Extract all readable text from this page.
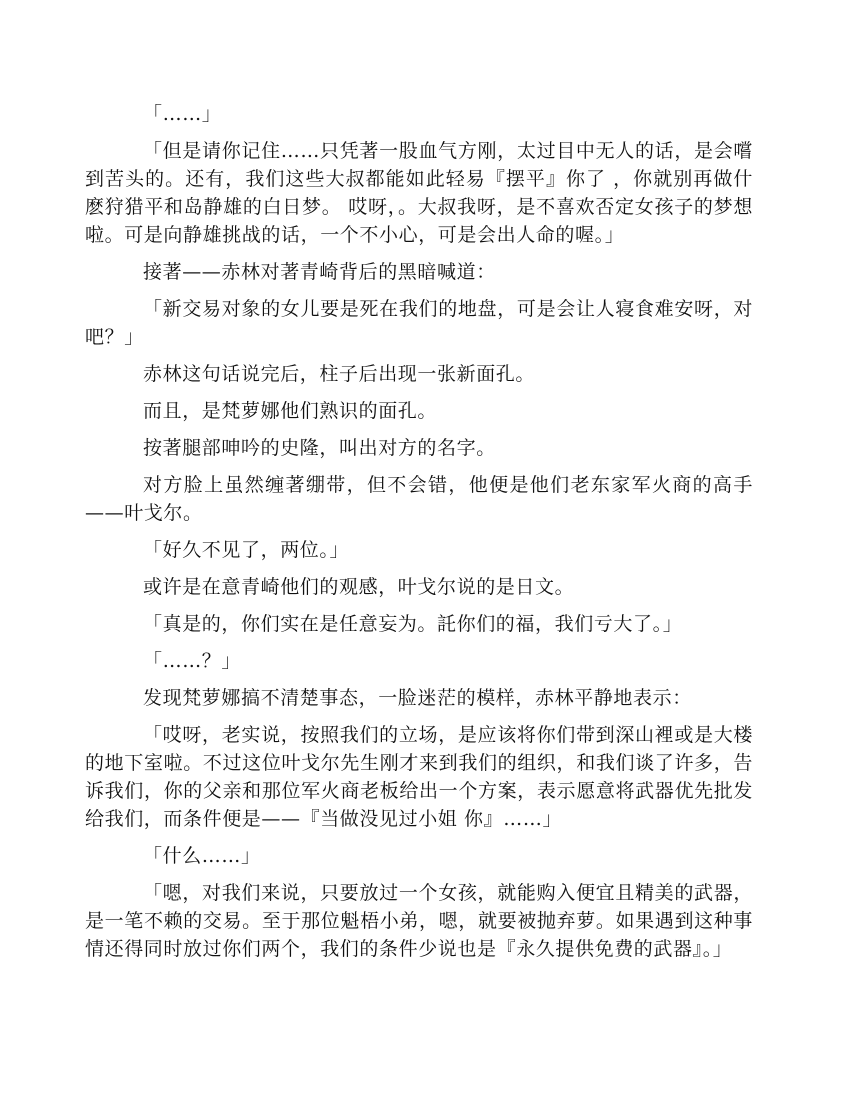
「……」

「但是请你记住……只凭著一股血气方刚，太过目中无人的话，是会嚐到苦头的。还有，我们这些大叔都能如此轻易『摆平』你了 ，你就别再做什麽狩猎平和岛静雄的白日梦。 哎呀，。大叔我呀，是不喜欢否定女孩子的梦想啦。可是向静雄挑战的话，一个不小心，可是会出人命的喔。」

接著——赤林对著青崎背后的黑暗喊道：

「新交易对象的女儿要是死在我们的地盘，可是会让人寝食难安呀，对吧？」

赤林这句话说完后，柱子后出现一张新面孔。

而且，是梵萝娜他们熟识的面孔。

按著腿部呻吟的史隆，叫出对方的名字。

对方脸上虽然缠著绷带，但不会错，他便是他们老东家军火商的高手——叶戈尔。

「好久不见了，两位。」

或许是在意青崎他们的观感，叶戈尔说的是日文。

「真是的，你们实在是任意妄为。託你们的福，我们亏大了。」

「……？」

发现梵萝娜搞不清楚事态，一脸迷茫的模样，赤林平静地表示：

「哎呀，老实说，按照我们的立场，是应该将你们带到深山裡或是大楼的地下室啦。不过这位叶戈尔先生刚才来到我们的组织，和我们谈了许多，告诉我们，你的父亲和那位军火商老板给出一个方案，表示愿意将武器优先批发给我们，而条件便是——『当做没见过小姐 你』……」

「什么……」

「嗯，对我们来说，只要放过一个女孩，就能购入便宜且精美的武器，是一笔不赖的交易。至于那位魁梧小弟，嗯，就要被抛弃萝。如果遇到这种事情还得同时放过你们两个，我们的条件少说也是『永久提供免费的武器』。」
